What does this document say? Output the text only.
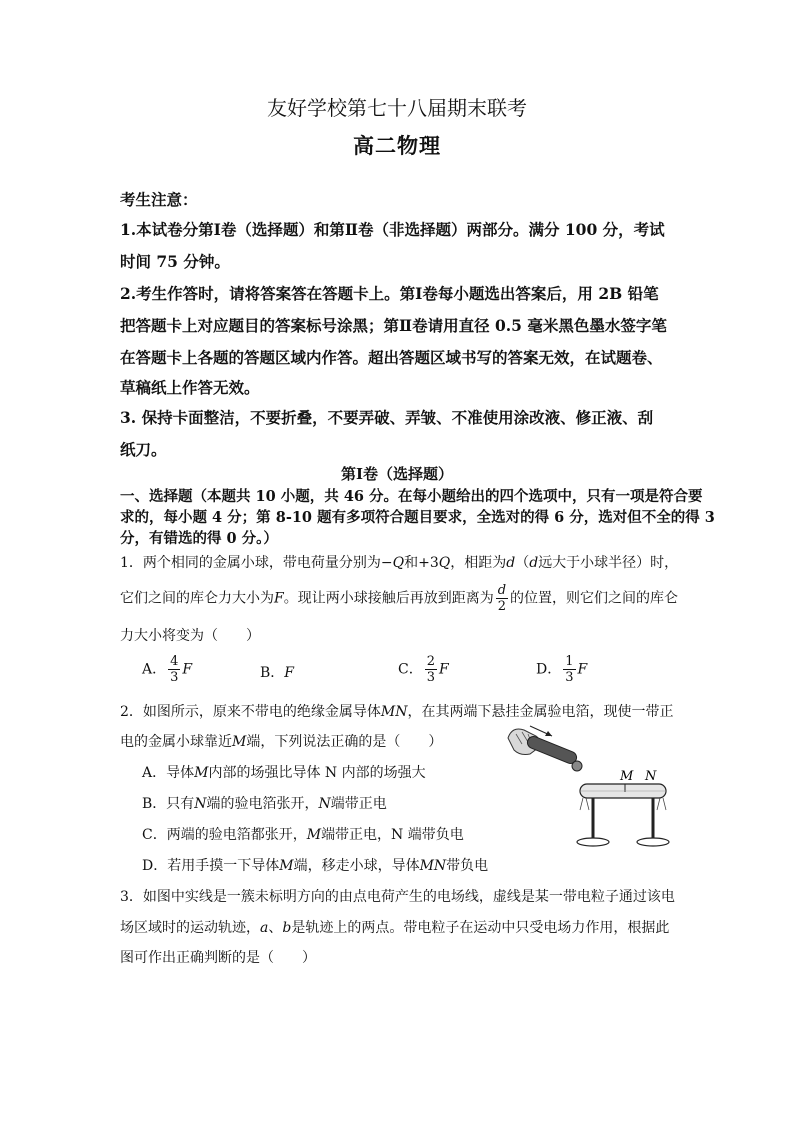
友好学校第七十八届期末联考
高二物理
考生注意：
1.本试卷分第Ⅰ卷（选择题）和第Ⅱ卷（非选择题）两部分。满分 100 分，考试
时间 75 分钟。
2.考生作答时，请将答案答在答题卡上。第Ⅰ卷每小题选出答案后，用 2B 铅笔
把答题卡上对应题目的答案标号涂黑；第Ⅱ卷请用直径 0.5 毫米黑色墨水签字笔
在答题卡上各题的答题区域内作答。超出答题区域书写的答案无效，在试题卷、
草稿纸上作答无效。
3. 保持卡面整洁，不要折叠，不要弄破、弄皱、不准使用涂改液、修正液、刮
纸刀。
第Ⅰ卷（选择题）
一、选择题（本题共 10 小题，共 46 分。在每小题给出的四个选项中，只有一项是符合要
求的，每小题 4 分；第 8-10 题有多项符合题目要求，全选对的得 6 分，选对但不全的得 3
分，有错选的得 0 分。）
1．两个相同的金属小球，带电荷量分别为−Q和+3Q，相距为d（d远大于小球半径）时，
它们之间的库仑力大小为F。现让两小球接触后再放到距离为 $\frac{d}{2}$ 的位置，则它们之间的库仑
力大小将变为（　　）
A． $\frac{4}{3}$ F	B．F	C． $\frac{2}{3}$ F	D． $\frac{1}{3}$ F
2．如图所示，原来不带电的绝缘金属导体MN，在其两端下悬挂金属验电箔，现使一带正
电的金属小球靠近M端，下列说法正确的是（　　）
A．导体M内部的场强比导体 N 内部的场强大
B．只有N端的验电箔张开，N端带正电
C．两端的验电箔都张开，M端带正电，N 端带负电
D．若用手摸一下导体M端，移走小球，导体MN带负电
M N
3．如图中实线是一簇未标明方向的由点电荷产生的电场线，虚线是某一带电粒子通过该电
场区域时的运动轨迹，a、b是轨迹上的两点。带电粒子在运动中只受电场力作用，根据此
图可作出正确判断的是（　　）
